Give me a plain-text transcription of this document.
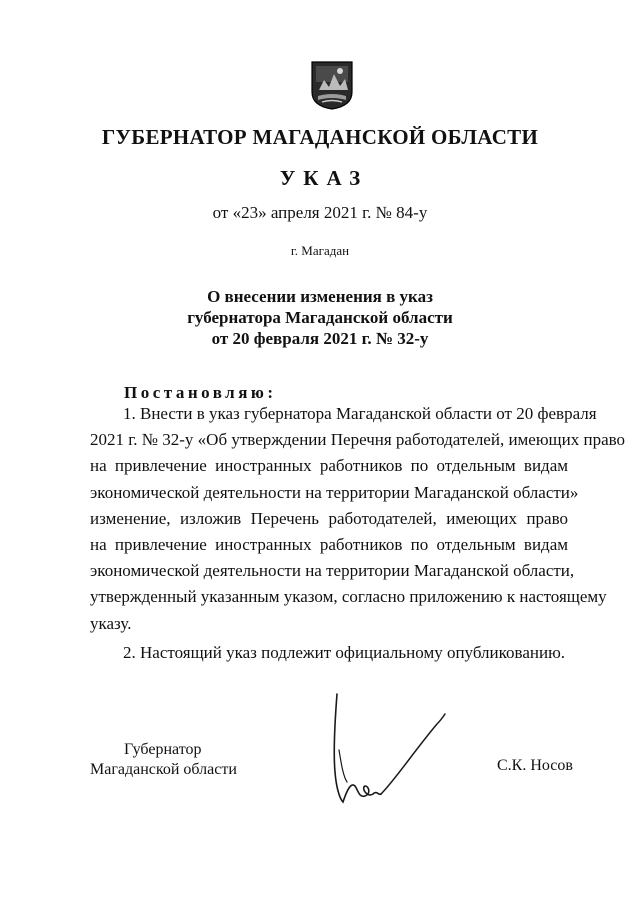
ГУБЕРНАТОР МАГАДАНСКОЙ ОБЛАСТИ
УКАЗ
от «23» апреля 2021 г. № 84-у
г. Магадан
О внесении изменения в указ
губернатора Магаданской области
от 20 февраля 2021 г. № 32-у
Постановляю:
1. Внести в указ губернатора Магаданской области от 20 февраля
2021 г. № 32-у «Об утверждении Перечня работодателей, имеющих право
на привлечение иностранных работников по отдельным видам
экономической деятельности на территории Магаданской области»
изменение, изложив Перечень работодателей, имеющих право
на привлечение иностранных работников по отдельным видам
экономической деятельности на территории Магаданской области,
утвержденный указанным указом, согласно приложению к настоящему
указу.
2. Настоящий указ подлежит официальному опубликованию.
Губернатор
Магаданской области	С.К. Носов
